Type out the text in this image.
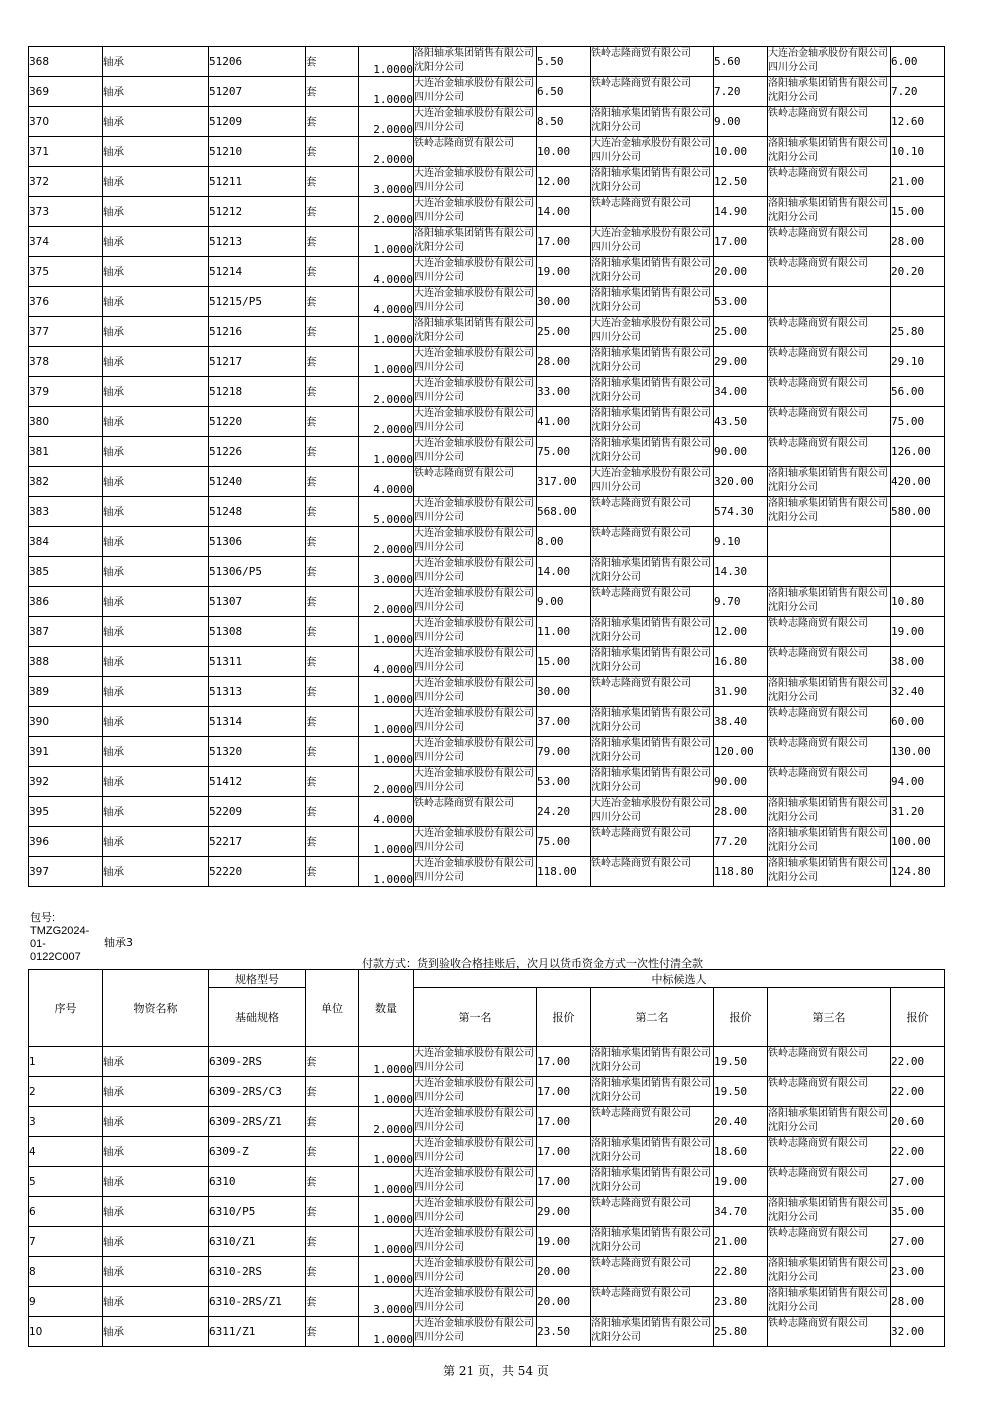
368	轴承	51206	套	1.0000	洛阳轴承集团销售有限公司沈阳分公司	5.50	铁岭志隆商贸有限公司	5.60	大连冶金轴承股份有限公司四川分公司	6.00
369	轴承	51207	套	1.0000	大连冶金轴承股份有限公司四川分公司	6.50	铁岭志隆商贸有限公司	7.20	洛阳轴承集团销售有限公司沈阳分公司	7.20
370	轴承	51209	套	2.0000	大连冶金轴承股份有限公司四川分公司	8.50	洛阳轴承集团销售有限公司沈阳分公司	9.00	铁岭志隆商贸有限公司	12.60
371	轴承	51210	套	2.0000	铁岭志隆商贸有限公司	10.00	大连冶金轴承股份有限公司四川分公司	10.00	洛阳轴承集团销售有限公司沈阳分公司	10.10
372	轴承	51211	套	3.0000	大连冶金轴承股份有限公司四川分公司	12.00	洛阳轴承集团销售有限公司沈阳分公司	12.50	铁岭志隆商贸有限公司	21.00
373	轴承	51212	套	2.0000	大连冶金轴承股份有限公司四川分公司	14.00	铁岭志隆商贸有限公司	14.90	洛阳轴承集团销售有限公司沈阳分公司	15.00
374	轴承	51213	套	1.0000	洛阳轴承集团销售有限公司沈阳分公司	17.00	大连冶金轴承股份有限公司四川分公司	17.00	铁岭志隆商贸有限公司	28.00
375	轴承	51214	套	4.0000	大连冶金轴承股份有限公司四川分公司	19.00	洛阳轴承集团销售有限公司沈阳分公司	20.00	铁岭志隆商贸有限公司	20.20
376	轴承	51215/P5	套	4.0000	大连冶金轴承股份有限公司四川分公司	30.00	洛阳轴承集团销售有限公司沈阳分公司	53.00		
377	轴承	51216	套	1.0000	洛阳轴承集团销售有限公司沈阳分公司	25.00	大连冶金轴承股份有限公司四川分公司	25.00	铁岭志隆商贸有限公司	25.80
378	轴承	51217	套	1.0000	大连冶金轴承股份有限公司四川分公司	28.00	洛阳轴承集团销售有限公司沈阳分公司	29.00	铁岭志隆商贸有限公司	29.10
379	轴承	51218	套	2.0000	大连冶金轴承股份有限公司四川分公司	33.00	洛阳轴承集团销售有限公司沈阳分公司	34.00	铁岭志隆商贸有限公司	56.00
380	轴承	51220	套	2.0000	大连冶金轴承股份有限公司四川分公司	41.00	洛阳轴承集团销售有限公司沈阳分公司	43.50	铁岭志隆商贸有限公司	75.00
381	轴承	51226	套	1.0000	大连冶金轴承股份有限公司四川分公司	75.00	洛阳轴承集团销售有限公司沈阳分公司	90.00	铁岭志隆商贸有限公司	126.00
382	轴承	51240	套	4.0000	铁岭志隆商贸有限公司	317.00	大连冶金轴承股份有限公司四川分公司	320.00	洛阳轴承集团销售有限公司沈阳分公司	420.00
383	轴承	51248	套	5.0000	大连冶金轴承股份有限公司四川分公司	568.00	铁岭志隆商贸有限公司	574.30	洛阳轴承集团销售有限公司沈阳分公司	580.00
384	轴承	51306	套	2.0000	大连冶金轴承股份有限公司四川分公司	8.00	铁岭志隆商贸有限公司	9.10		
385	轴承	51306/P5	套	3.0000	大连冶金轴承股份有限公司四川分公司	14.00	洛阳轴承集团销售有限公司沈阳分公司	14.30		
386	轴承	51307	套	2.0000	大连冶金轴承股份有限公司四川分公司	9.00	铁岭志隆商贸有限公司	9.70	洛阳轴承集团销售有限公司沈阳分公司	10.80
387	轴承	51308	套	1.0000	大连冶金轴承股份有限公司四川分公司	11.00	洛阳轴承集团销售有限公司沈阳分公司	12.00	铁岭志隆商贸有限公司	19.00
388	轴承	51311	套	4.0000	大连冶金轴承股份有限公司四川分公司	15.00	洛阳轴承集团销售有限公司沈阳分公司	16.80	铁岭志隆商贸有限公司	38.00
389	轴承	51313	套	1.0000	大连冶金轴承股份有限公司四川分公司	30.00	铁岭志隆商贸有限公司	31.90	洛阳轴承集团销售有限公司沈阳分公司	32.40
390	轴承	51314	套	1.0000	大连冶金轴承股份有限公司四川分公司	37.00	洛阳轴承集团销售有限公司沈阳分公司	38.40	铁岭志隆商贸有限公司	60.00
391	轴承	51320	套	1.0000	大连冶金轴承股份有限公司四川分公司	79.00	洛阳轴承集团销售有限公司沈阳分公司	120.00	铁岭志隆商贸有限公司	130.00
392	轴承	51412	套	2.0000	大连冶金轴承股份有限公司四川分公司	53.00	洛阳轴承集团销售有限公司沈阳分公司	90.00	铁岭志隆商贸有限公司	94.00
395	轴承	52209	套	4.0000	铁岭志隆商贸有限公司	24.20	大连冶金轴承股份有限公司四川分公司	28.00	洛阳轴承集团销售有限公司沈阳分公司	31.20
396	轴承	52217	套	1.0000	大连冶金轴承股份有限公司四川分公司	75.00	铁岭志隆商贸有限公司	77.20	洛阳轴承集团销售有限公司沈阳分公司	100.00
397	轴承	52220	套	1.0000	大连冶金轴承股份有限公司四川分公司	118.00	铁岭志隆商贸有限公司	118.80	洛阳轴承集团销售有限公司沈阳分公司	124.80
包号:
TMZG2024-
01-
0122C007
轴承3
付款方式：货到验收合格挂账后，次月以货币资金方式一次性付清全款
序号	物资名称	规格型号	单位	数量	中标候选人					
		基础规格			第一名	报价	第二名	报价	第三名	报价
1	轴承	6309-2RS	套	1.0000	大连冶金轴承股份有限公司四川分公司	17.00	洛阳轴承集团销售有限公司沈阳分公司	19.50	铁岭志隆商贸有限公司	22.00
2	轴承	6309-2RS/C3	套	1.0000	大连冶金轴承股份有限公司四川分公司	17.00	洛阳轴承集团销售有限公司沈阳分公司	19.50	铁岭志隆商贸有限公司	22.00
3	轴承	6309-2RS/Z1	套	2.0000	大连冶金轴承股份有限公司四川分公司	17.00	铁岭志隆商贸有限公司	20.40	洛阳轴承集团销售有限公司沈阳分公司	20.60
4	轴承	6309-Z	套	1.0000	大连冶金轴承股份有限公司四川分公司	17.00	洛阳轴承集团销售有限公司沈阳分公司	18.60	铁岭志隆商贸有限公司	22.00
5	轴承	6310	套	1.0000	大连冶金轴承股份有限公司四川分公司	17.00	洛阳轴承集团销售有限公司沈阳分公司	19.00	铁岭志隆商贸有限公司	27.00
6	轴承	6310/P5	套	1.0000	大连冶金轴承股份有限公司四川分公司	29.00	铁岭志隆商贸有限公司	34.70	洛阳轴承集团销售有限公司沈阳分公司	35.00
7	轴承	6310/Z1	套	1.0000	大连冶金轴承股份有限公司四川分公司	19.00	洛阳轴承集团销售有限公司沈阳分公司	21.00	铁岭志隆商贸有限公司	27.00
8	轴承	6310-2RS	套	1.0000	大连冶金轴承股份有限公司四川分公司	20.00	铁岭志隆商贸有限公司	22.80	洛阳轴承集团销售有限公司沈阳分公司	23.00
9	轴承	6310-2RS/Z1	套	3.0000	大连冶金轴承股份有限公司四川分公司	20.00	铁岭志隆商贸有限公司	23.80	洛阳轴承集团销售有限公司沈阳分公司	28.00
10	轴承	6311/Z1	套	1.0000	大连冶金轴承股份有限公司四川分公司	23.50	洛阳轴承集团销售有限公司沈阳分公司	25.80	铁岭志隆商贸有限公司	32.00
第 21 页，共 54 页
